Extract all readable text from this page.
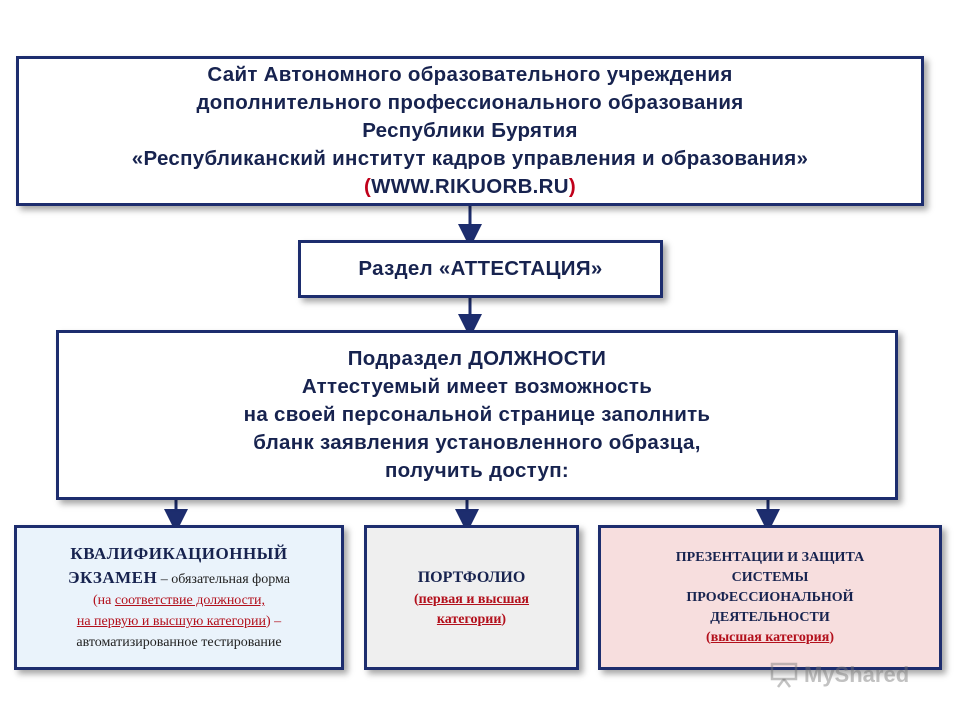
Сайт Автономного образовательного учреждения
дополнительного профессионального образования
Республики Бурятия
«Республиканский институт кадров управления и образования»
(WWW.RIKUORB.RU)
Раздел «АТТЕСТАЦИЯ»
Подраздел ДОЛЖНОСТИ
Аттестуемый имеет возможность
на своей персональной странице заполнить
бланк заявления установленного образца,
получить доступ:
КВАЛИФИКАЦИОННЫЙ
ЭКЗАМЕН – обязательная форма
(на соответствие должности,
на первую и высшую категории) –
автоматизированное тестирование
ПОРТФОЛИО
(первая и высшая
категории)
ПРЕЗЕНТАЦИИ И ЗАЩИТА
СИСТЕМЫ
ПРОФЕССИОНАЛЬНОЙ
ДЕЯТЕЛЬНОСТИ
(высшая категория)
MyShared
